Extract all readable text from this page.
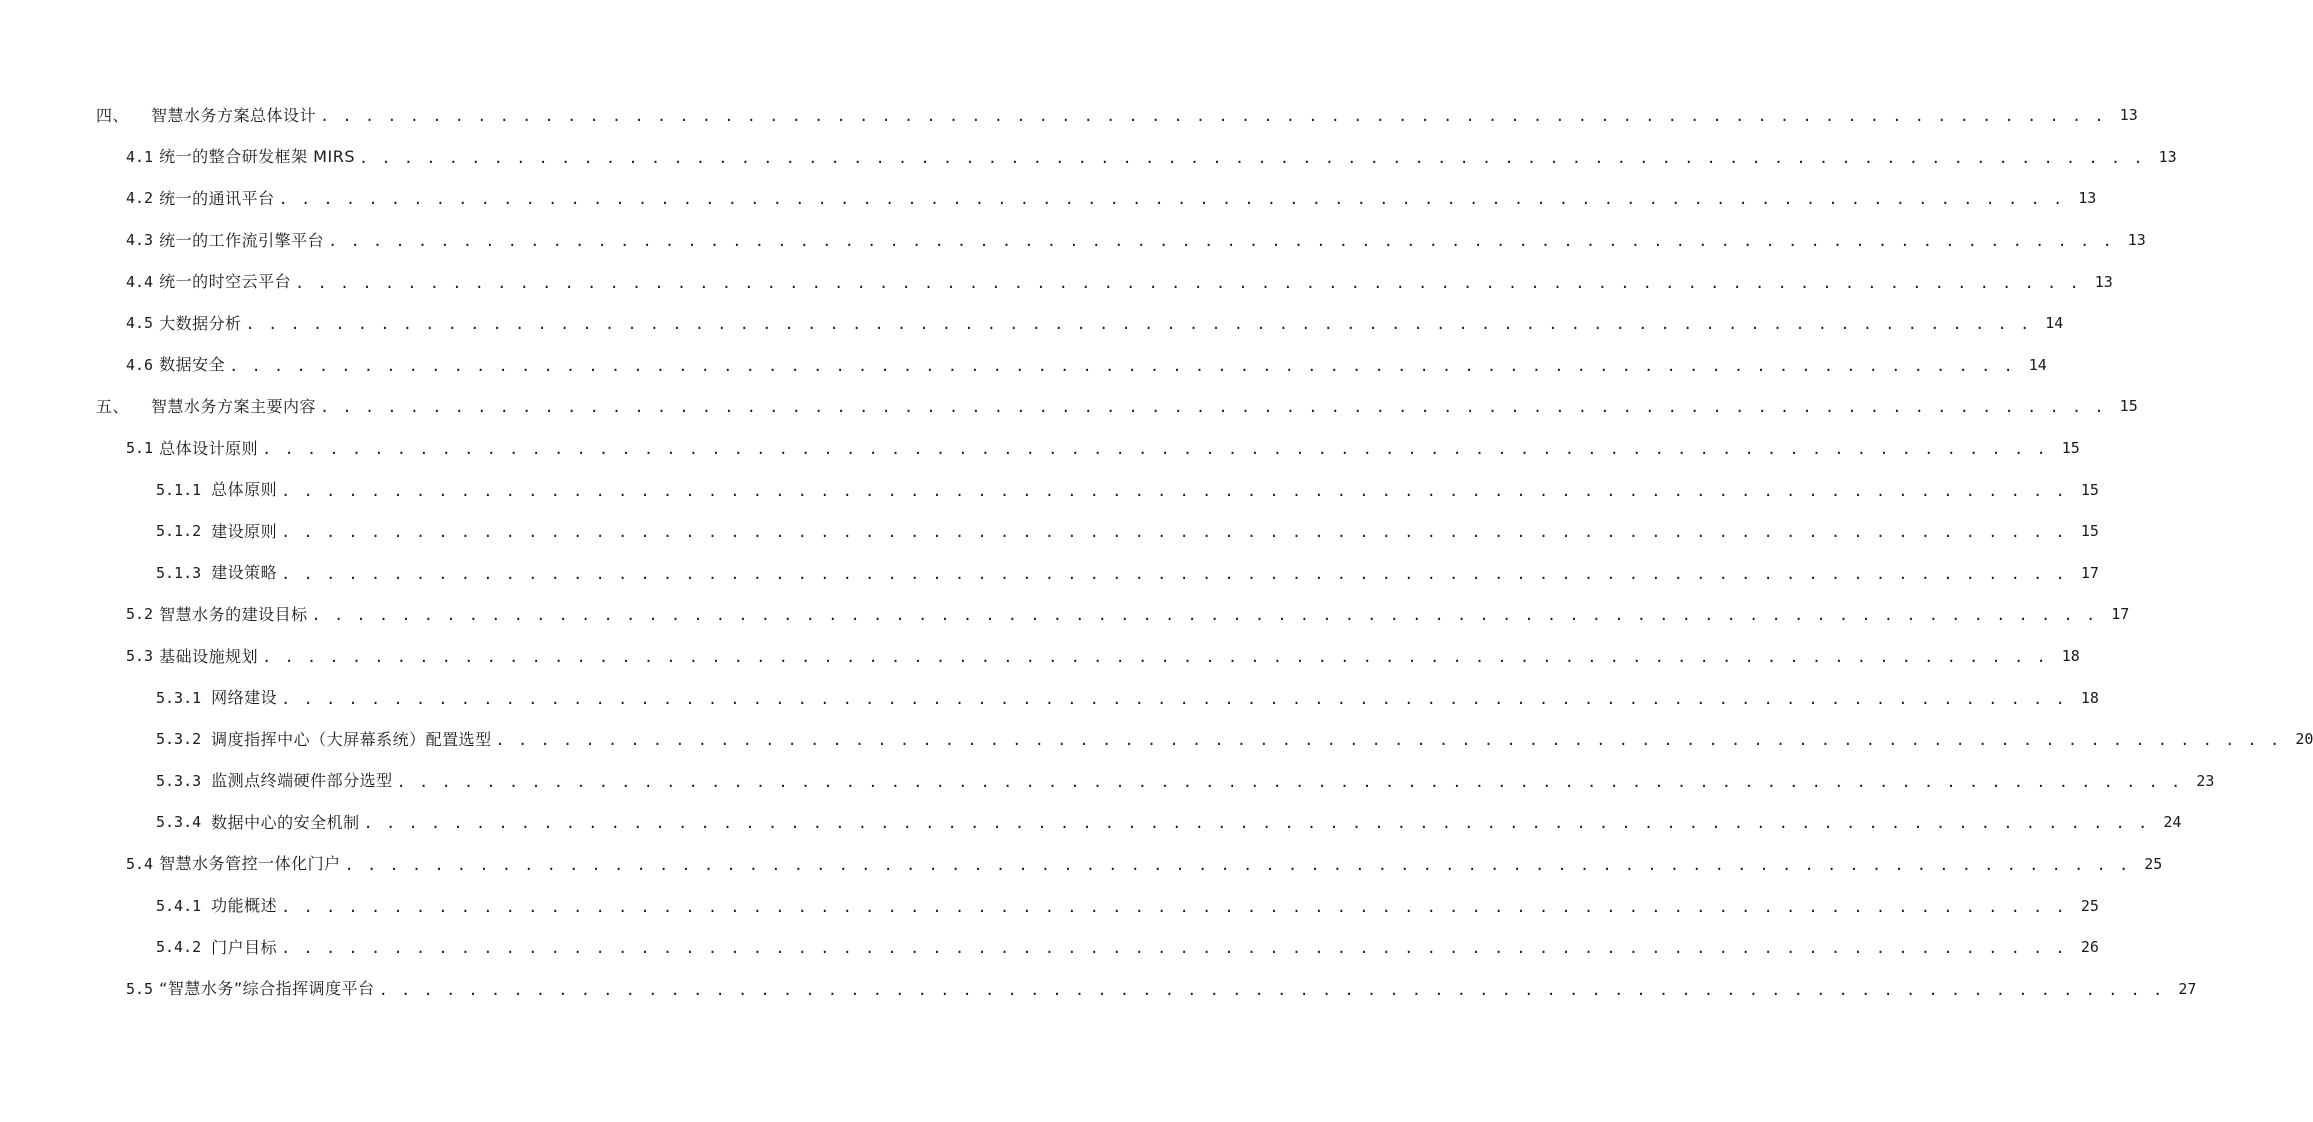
四、 智慧水务方案总体设计 . . . . . . . . . . . . . . . . . . . . . . . . . . . . . . . . . . . . . . . . . . . . . . . . . . . . . . . . . . . . . . . . . . . . . . . . . . . . . . . . 13
4.1 统一的整合研发框架 MIRS . . . . . . . . . . . . . . . . . . . . . . . . . . . . . . . . . . . . . . . . . . . . . . . . . . . . . . . . . . . . . . . . . . . . . . . . . . . . . . . . 13
4.2 统一的通讯平台 . . . . . . . . . . . . . . . . . . . . . . . . . . . . . . . . . . . . . . . . . . . . . . . . . . . . . . . . . . . . . . . . . . . . . . . . . . . . . . . . 13
4.3 统一的工作流引擎平台 . . . . . . . . . . . . . . . . . . . . . . . . . . . . . . . . . . . . . . . . . . . . . . . . . . . . . . . . . . . . . . . . . . . . . . . . . . . . . . . . 13
4.4 统一的时空云平台 . . . . . . . . . . . . . . . . . . . . . . . . . . . . . . . . . . . . . . . . . . . . . . . . . . . . . . . . . . . . . . . . . . . . . . . . . . . . . . . . 13
4.5 大数据分析 . . . . . . . . . . . . . . . . . . . . . . . . . . . . . . . . . . . . . . . . . . . . . . . . . . . . . . . . . . . . . . . . . . . . . . . . . . . . . . . . 14
4.6 数据安全 . . . . . . . . . . . . . . . . . . . . . . . . . . . . . . . . . . . . . . . . . . . . . . . . . . . . . . . . . . . . . . . . . . . . . . . . . . . . . . . . 14
五、 智慧水务方案主要内容 . . . . . . . . . . . . . . . . . . . . . . . . . . . . . . . . . . . . . . . . . . . . . . . . . . . . . . . . . . . . . . . . . . . . . . . . . . . . . . . . 15
5.1 总体设计原则 . . . . . . . . . . . . . . . . . . . . . . . . . . . . . . . . . . . . . . . . . . . . . . . . . . . . . . . . . . . . . . . . . . . . . . . . . . . . . . . . 15
5.1.1 总体原则 . . . . . . . . . . . . . . . . . . . . . . . . . . . . . . . . . . . . . . . . . . . . . . . . . . . . . . . . . . . . . . . . . . . . . . . . . . . . . . . . 15
5.1.2 建设原则 . . . . . . . . . . . . . . . . . . . . . . . . . . . . . . . . . . . . . . . . . . . . . . . . . . . . . . . . . . . . . . . . . . . . . . . . . . . . . . . . 15
5.1.3 建设策略 . . . . . . . . . . . . . . . . . . . . . . . . . . . . . . . . . . . . . . . . . . . . . . . . . . . . . . . . . . . . . . . . . . . . . . . . . . . . . . . . 17
5.2 智慧水务的建设目标 . . . . . . . . . . . . . . . . . . . . . . . . . . . . . . . . . . . . . . . . . . . . . . . . . . . . . . . . . . . . . . . . . . . . . . . . . . . . . . . . 17
5.3 基础设施规划 . . . . . . . . . . . . . . . . . . . . . . . . . . . . . . . . . . . . . . . . . . . . . . . . . . . . . . . . . . . . . . . . . . . . . . . . . . . . . . . . 18
5.3.1 网络建设 . . . . . . . . . . . . . . . . . . . . . . . . . . . . . . . . . . . . . . . . . . . . . . . . . . . . . . . . . . . . . . . . . . . . . . . . . . . . . . . . 18
5.3.2 调度指挥中心（大屏幕系统）配置选型 . . . . . . . . . . . . . . . . . . . . . . . . . . . . . . . . . . . . . . . . . . . . . . . . . . . . . . . . . . . . . . . . . . . . . . . . . . . . . . . . 20
5.3.3 监测点终端硬件部分选型 . . . . . . . . . . . . . . . . . . . . . . . . . . . . . . . . . . . . . . . . . . . . . . . . . . . . . . . . . . . . . . . . . . . . . . . . . . . . . . . . 23
5.3.4 数据中心的安全机制 . . . . . . . . . . . . . . . . . . . . . . . . . . . . . . . . . . . . . . . . . . . . . . . . . . . . . . . . . . . . . . . . . . . . . . . . . . . . . . . . 24
5.4 智慧水务管控一体化门户 . . . . . . . . . . . . . . . . . . . . . . . . . . . . . . . . . . . . . . . . . . . . . . . . . . . . . . . . . . . . . . . . . . . . . . . . . . . . . . . . 25
5.4.1 功能概述 . . . . . . . . . . . . . . . . . . . . . . . . . . . . . . . . . . . . . . . . . . . . . . . . . . . . . . . . . . . . . . . . . . . . . . . . . . . . . . . . 25
5.4.2 门户目标 . . . . . . . . . . . . . . . . . . . . . . . . . . . . . . . . . . . . . . . . . . . . . . . . . . . . . . . . . . . . . . . . . . . . . . . . . . . . . . . . 26
5.5 “智慧水务”综合指挥调度平台 . . . . . . . . . . . . . . . . . . . . . . . . . . . . . . . . . . . . . . . . . . . . . . . . . . . . . . . . . . . . . . . . . . . . . . . . . . . . . . . . 27
